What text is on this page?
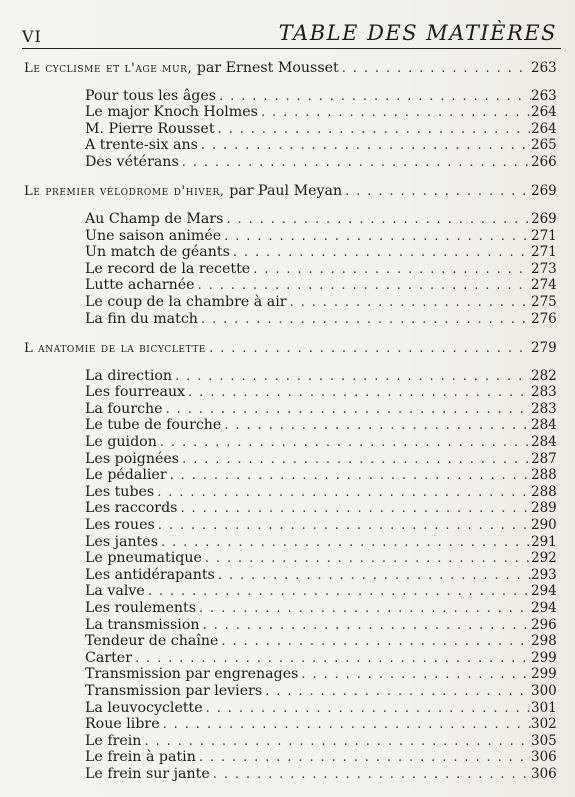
VI	TABLE DES MATIÈRES
Le cyclisme et l'age mur, par Ernest Mousset . . .	263
Pour tous les âges . . .	263
Le major Knoch Holmes . . .	264
M. Pierre Rousset . . .	264
A trente-six ans . . .	265
Des vétérans . . .	266
Le premier vélodrome d'hiver, par Paul Meyan . . .	269
Au Champ de Mars . . .	269
Une saison animée . . .	271
Un match de géants . . .	271
Le record de la recette . . .	273
Lutte acharnée . . .	274
Le coup de la chambre à air . . .	275
La fin du match . . .	276
L anatomie de la bicyclette . . .	279
La direction . . .	282
Les fourreaux . . .	283
La fourche . . .	283
Le tube de fourche . . .	284
Le guidon . . .	284
Les poignées . . .	287
Le pédalier . . .	288
Les tubes . . .	288
Les raccords . . .	289
Les roues . . .	290
Les jantes . . .	291
Le pneumatique . . .	292
Les antidérapants . . .	293
La valve . . .	294
Les roulements . . .	294
La transmission . . .	296
Tendeur de chaîne . . .	298
Carter . . .	299
Transmission par engrenages . . .	299
Transmission par leviers . . .	300
La leuvocyclette . . .	301
Roue libre . . .	302
Le frein . . .	305
Le frein à patin . . .	306
Le frein sur jante . . .	306
